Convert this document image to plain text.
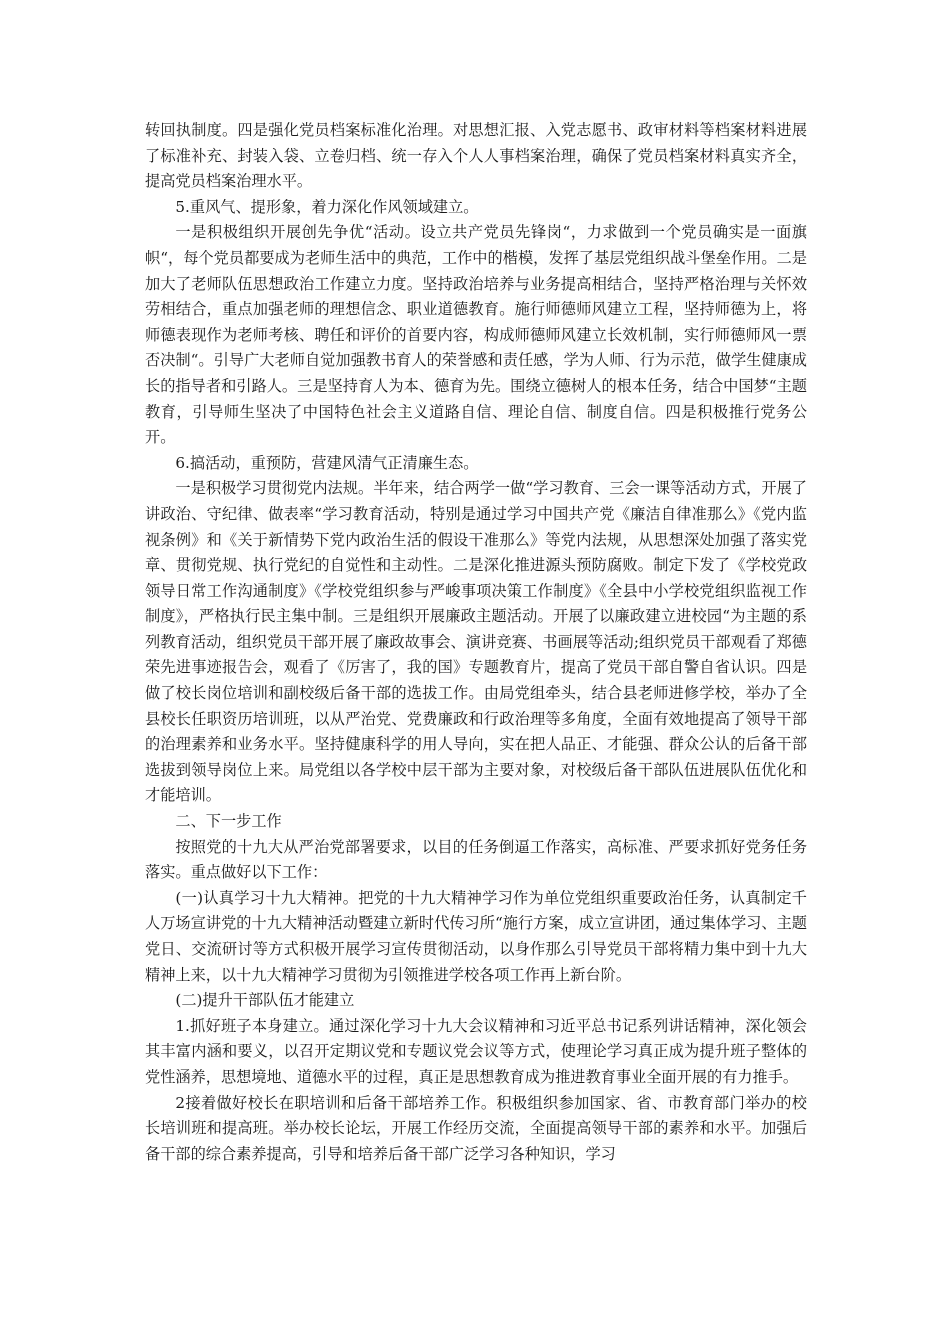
转回执制度。四是强化党员档案标准化治理。对思想汇报、入党志愿书、政审材料等档案材料进展了标准补充、封装入袋、立卷归档、统一存入个人人事档案治理，确保了党员档案材料真实齐全，提高党员档案治理水平。

5.重风气、提形象，着力深化作风领域建立。

一是积极组织开展创先争优“活动。设立共产党员先锋岗“，力求做到一个党员确实是一面旗帜“，每个党员都要成为老师生活中的典范，工作中的楷模，发挥了基层党组织战斗堡垒作用。二是加大了老师队伍思想政治工作建立力度。坚持政治培养与业务提高相结合，坚持严格治理与关怀效劳相结合，重点加强老师的理想信念、职业道德教育。施行师德师风建立工程，坚持师德为上，将师德表现作为老师考核、聘任和评价的首要内容，构成师德师风建立长效机制，实行师德师风一票否决制“。引导广大老师自觉加强教书育人的荣誉感和责任感，学为人师、行为示范，做学生健康成长的指导者和引路人。三是坚持育人为本、德育为先。围绕立德树人的根本任务，结合中国梦“主题教育，引导师生坚决了中国特色社会主义道路自信、理论自信、制度自信。四是积极推行党务公开。

6.搞活动，重预防，营建风清气正清廉生态。

一是积极学习贯彻党内法规。半年来，结合两学一做“学习教育、三会一课等活动方式，开展了讲政治、守纪律、做表率“学习教育活动，特别是通过学习中国共产党《廉洁自律准那么》《党内监视条例》和《关于新情势下党内政治生活的假设干准那么》等党内法规，从思想深处加强了落实党章、贯彻党规、执行党纪的自觉性和主动性。二是深化推进源头预防腐败。制定下发了《学校党政领导日常工作沟通制度》《学校党组织参与严峻事项决策工作制度》《全县中小学校党组织监视工作制度》，严格执行民主集中制。三是组织开展廉政主题活动。开展了以廉政建立进校园“为主题的系列教育活动，组织党员干部开展了廉政故事会、演讲竞赛、书画展等活动;组织党员干部观看了郑德荣先进事迹报告会，观看了《厉害了，我的国》专题教育片，提高了党员干部自警自省认识。四是做了校长岗位培训和副校级后备干部的选拔工作。由局党组牵头，结合县老师进修学校，举办了全县校长任职资历培训班，以从严治党、党费廉政和行政治理等多角度，全面有效地提高了领导干部的治理素养和业务水平。坚持健康科学的用人导向，实在把人品正、才能强、群众公认的后备干部选拔到领导岗位上来。局党组以各学校中层干部为主要对象，对校级后备干部队伍进展队伍优化和才能培训。

二、下一步工作

按照党的十九大从严治党部署要求，以目的任务倒逼工作落实，高标准、严要求抓好党务任务落实。重点做好以下工作：

(一)认真学习十九大精神。把党的十九大精神学习作为单位党组织重要政治任务，认真制定千人万场宣讲党的十九大精神活动暨建立新时代传习所“施行方案，成立宣讲团，通过集体学习、主题党日、交流研讨等方式积极开展学习宣传贯彻活动，以身作那么引导党员干部将精力集中到十九大精神上来，以十九大精神学习贯彻为引领推进学校各项工作再上新台阶。

(二)提升干部队伍才能建立

1.抓好班子本身建立。通过深化学习十九大会议精神和习近平总书记系列讲话精神，深化领会其丰富内涵和要义，以召开定期议党和专题议党会议等方式，使理论学习真正成为提升班子整体的党性涵养，思想境地、道德水平的过程，真正是思想教育成为推进教育事业全面开展的有力推手。

2接着做好校长在职培训和后备干部培养工作。积极组织参加国家、省、市教育部门举办的校长培训班和提高班。举办校长论坛，开展工作经历交流，全面提高领导干部的素养和水平。加强后备干部的综合素养提高，引导和培养后备干部广泛学习各种知识，学习
